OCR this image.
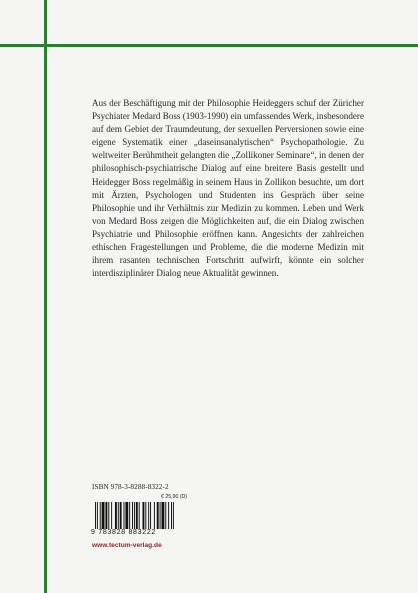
Aus der Beschäftigung mit der Philosophie Heideggers schuf der Züricher Psychiater Medard Boss (1903-1990) ein umfassendes Werk, insbesondere auf dem Gebiet der Traumdeutung, der sexuellen Perversionen sowie eine eigene Systematik einer „daseinsanalytischen“ Psychopathologie. Zu weltweiter Berühmtheit gelangten die „Zollikoner Seminare“, in denen der philosophisch-psychiatrische Dialog auf eine breitere Basis gestellt und Heidegger Boss regelmäßig in seinem Haus in Zollikon besuchte, um dort mit Ärzten, Psychologen und Studenten ins Gespräch über seine Philosophie und ihr Verhältnis zur Medizin zu kommen. Leben und Werk von Medard Boss zeigen die Möglichkeiten auf, die ein Dialog zwischen Psychiatrie und Philosophie eröffnen kann. Angesichts der zahlreichen ethischen Fragestellungen und Probleme, die die moderne Medizin mit ihrem rasanten technischen Fortschritt aufwirft, könnte ein solcher interdisziplinärer Dialog neue Aktualität gewinnen.

ISBN 978-3-8288-8322-2
€ 25,90 (D)
9 783828 883222
www.tectum-verlag.de
